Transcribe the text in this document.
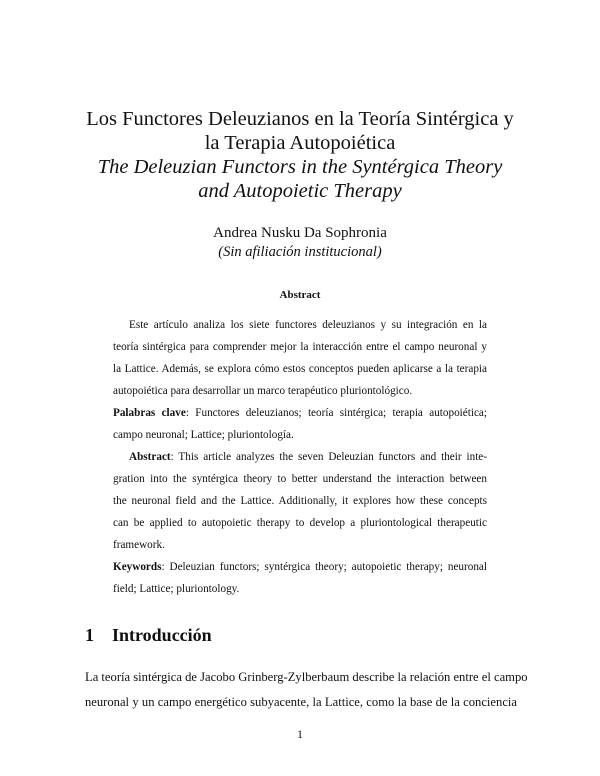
Los Functores Deleuzianos en la Teoría Sintérgica y
la Terapia Autopoiética
The Deleuzian Functors in the Syntérgica Theory
and Autopoietic Therapy
Andrea Nusku Da Sophronia
(Sin afiliación institucional)
Abstract
Este artículo analiza los siete functores deleuzianos y su integración en la
teoría sintérgica para comprender mejor la interacción entre el campo neuronal y
la Lattice. Además, se explora cómo estos conceptos pueden aplicarse a la terapia
autopoiética para desarrollar un marco terapéutico pluriontológico.
Palabras clave: Functores deleuzianos; teoría sintérgica; terapia autopoiética;
campo neuronal; Lattice; pluriontología.
Abstract: This article analyzes the seven Deleuzian functors and their inte-
gration into the syntérgica theory to better understand the interaction between
the neuronal field and the Lattice. Additionally, it explores how these concepts
can be applied to autopoietic therapy to develop a pluriontological therapeutic
framework.
Keywords: Deleuzian functors; syntérgica theory; autopoietic therapy; neuronal
field; Lattice; pluriontology.
1 Introducción
La teoría sintérgica de Jacobo Grinberg-Zylberbaum describe la relación entre el campo
neuronal y un campo energético subyacente, la Lattice, como la base de la conciencia
1
